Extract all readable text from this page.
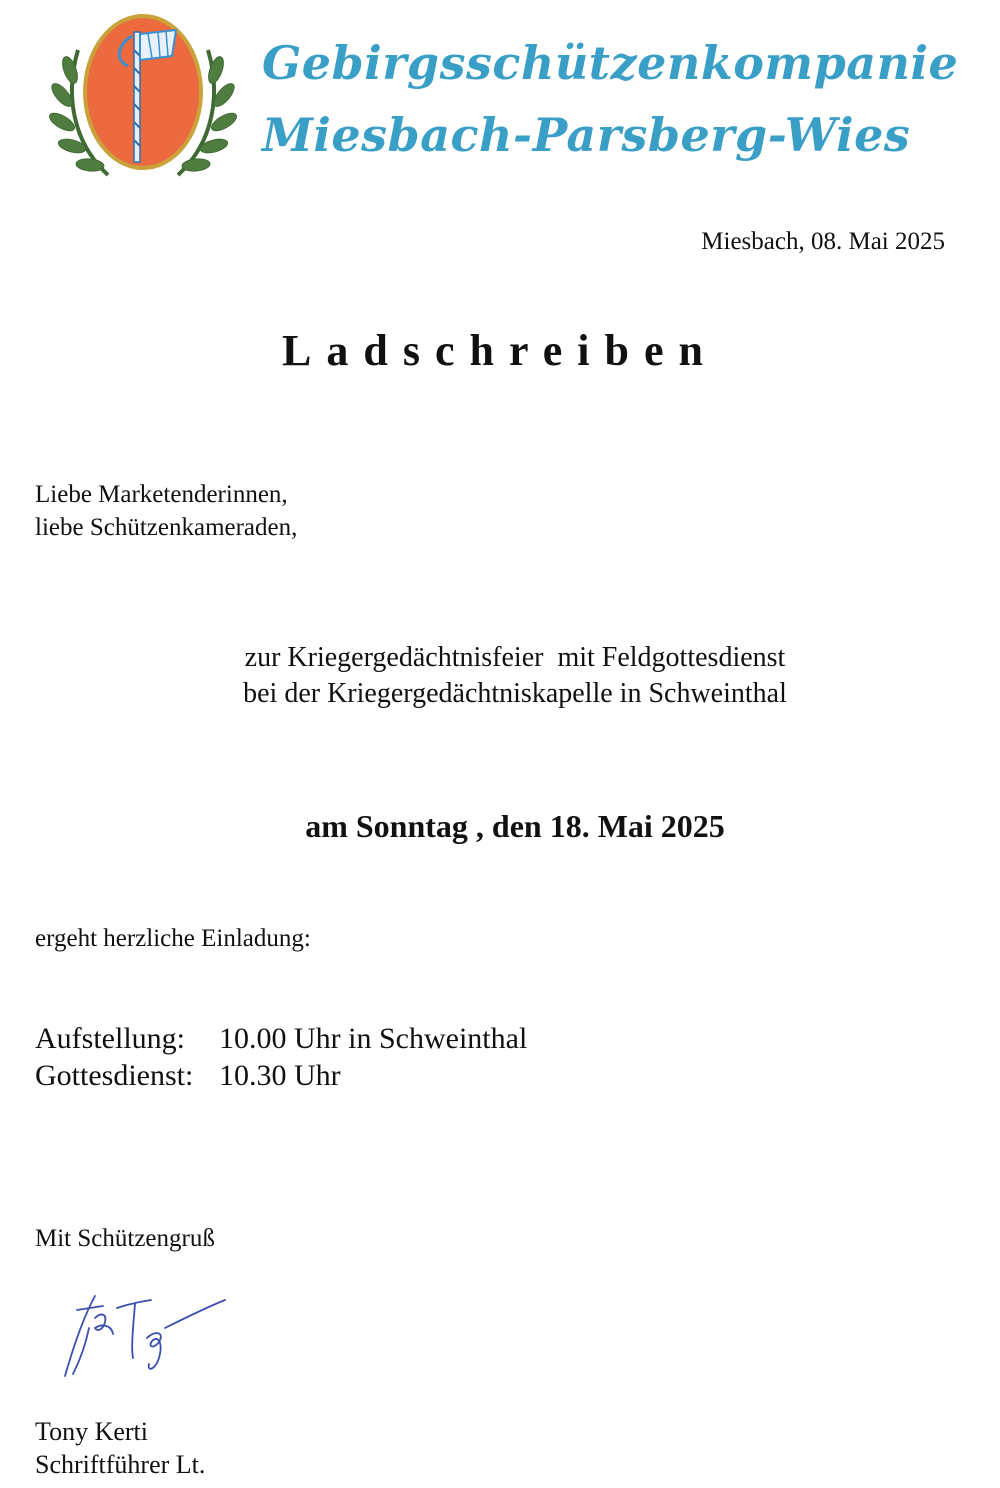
Gebirgsschützenkompanie
Miesbach-Parsberg-Wies
Miesbach, 08. Mai 2025
Ladschreiben
Liebe Marketenderinnen,
liebe Schützenkameraden,
zur Kriegergedächtnisfeier  mit Feldgottesdienst
bei der Kriegergedächtniskapelle in Schweinthal
am Sonntag , den 18. Mai 2025
ergeht herzliche Einladung:
Aufstellung:	10.00 Uhr in Schweinthal
Gottesdienst: 10.30 Uhr
Mit Schützengruß
Tony Kerti
Schriftführer Lt.
